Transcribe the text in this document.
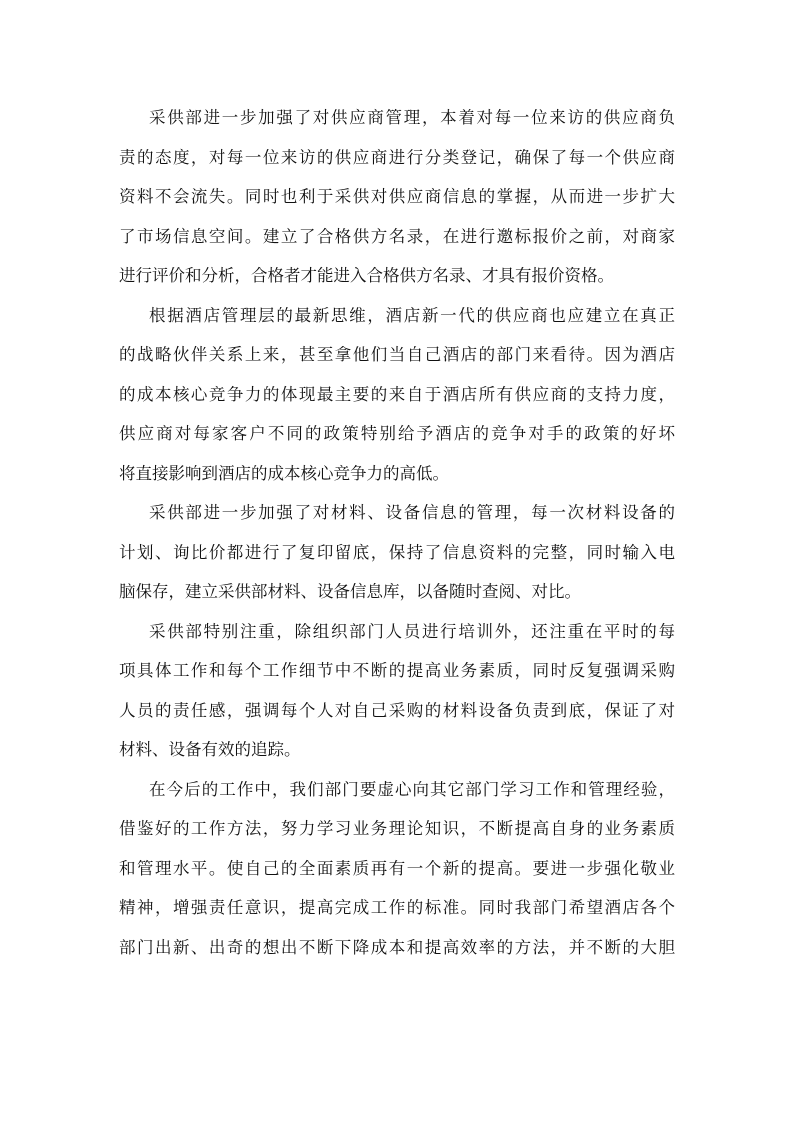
采供部进一步加强了对供应商管理，本着对每一位来访的供应商负
责的态度，对每一位来访的供应商进行分类登记，确保了每一个供应商
资料不会流失。同时也利于采供对供应商信息的掌握，从而进一步扩大
了市场信息空间。建立了合格供方名录，在进行邀标报价之前，对商家
进行评价和分析，合格者才能进入合格供方名录、才具有报价资格。
根据酒店管理层的最新思维，酒店新一代的供应商也应建立在真正
的战略伙伴关系上来，甚至拿他们当自己酒店的部门来看待。因为酒店
的成本核心竞争力的体现最主要的来自于酒店所有供应商的支持力度，
供应商对每家客户不同的政策特别给予酒店的竞争对手的政策的好坏
将直接影响到酒店的成本核心竞争力的高低。
采供部进一步加强了对材料、设备信息的管理，每一次材料设备的
计划、询比价都进行了复印留底，保持了信息资料的完整，同时输入电
脑保存，建立采供部材料、设备信息库，以备随时查阅、对比。
采供部特别注重，除组织部门人员进行培训外，还注重在平时的每
项具体工作和每个工作细节中不断的提高业务素质，同时反复强调采购
人员的责任感，强调每个人对自己采购的材料设备负责到底，保证了对
材料、设备有效的追踪。
在今后的工作中，我们部门要虚心向其它部门学习工作和管理经验，
借鉴好的工作方法，努力学习业务理论知识，不断提高自身的业务素质
和管理水平。使自己的全面素质再有一个新的提高。要进一步强化敬业
精神，增强责任意识，提高完成工作的标准。同时我部门希望酒店各个
部门出新、出奇的想出不断下降成本和提高效率的方法，并不断的大胆
